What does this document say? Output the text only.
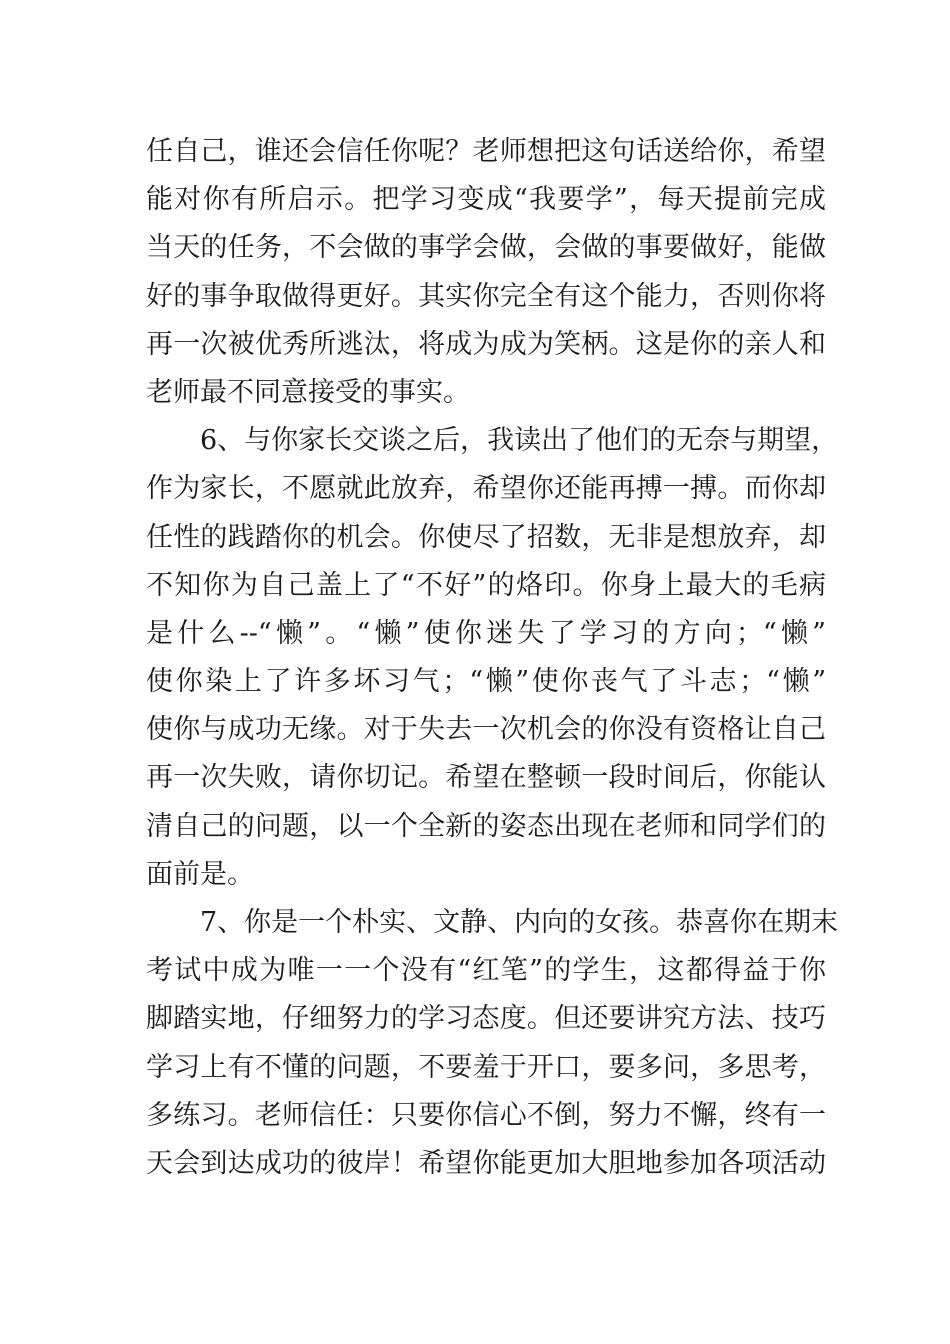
任自己，谁还会信任你呢？老师想把这句话送给你，希望
能对你有所启示。把学习变成“我要学”，每天提前完成
当天的任务，不会做的事学会做，会做的事要做好，能做
好的事争取做得更好。其实你完全有这个能力，否则你将
再一次被优秀所逃汰，将成为成为笑柄。这是你的亲人和
老师最不同意接受的事实。
6、与你家长交谈之后，我读出了他们的无奈与期望，
作为家长，不愿就此放弃，希望你还能再搏一搏。而你却
任性的践踏你的机会。你使尽了招数，无非是想放弃，却
不知你为自己盖上了“不好”的烙印。你身上最大的毛病
是什么--“懒”。“懒”使你迷失了学习的方向；“懒”
使你染上了许多坏习气；“懒”使你丧气了斗志；“懒”
使你与成功无缘。对于失去一次机会的你没有资格让自己
再一次失败，请你切记。希望在整顿一段时间后，你能认
清自己的问题，以一个全新的姿态出现在老师和同学们的
面前是。
7、你是一个朴实、文静、内向的女孩。恭喜你在期末
考试中成为唯一一个没有“红笔”的学生，这都得益于你
脚踏实地，仔细努力的学习态度。但还要讲究方法、技巧
学习上有不懂的问题，不要羞于开口，要多问，多思考，
多练习。老师信任：只要你信心不倒，努力不懈，终有一
天会到达成功的彼岸！希望你能更加大胆地参加各项活动
